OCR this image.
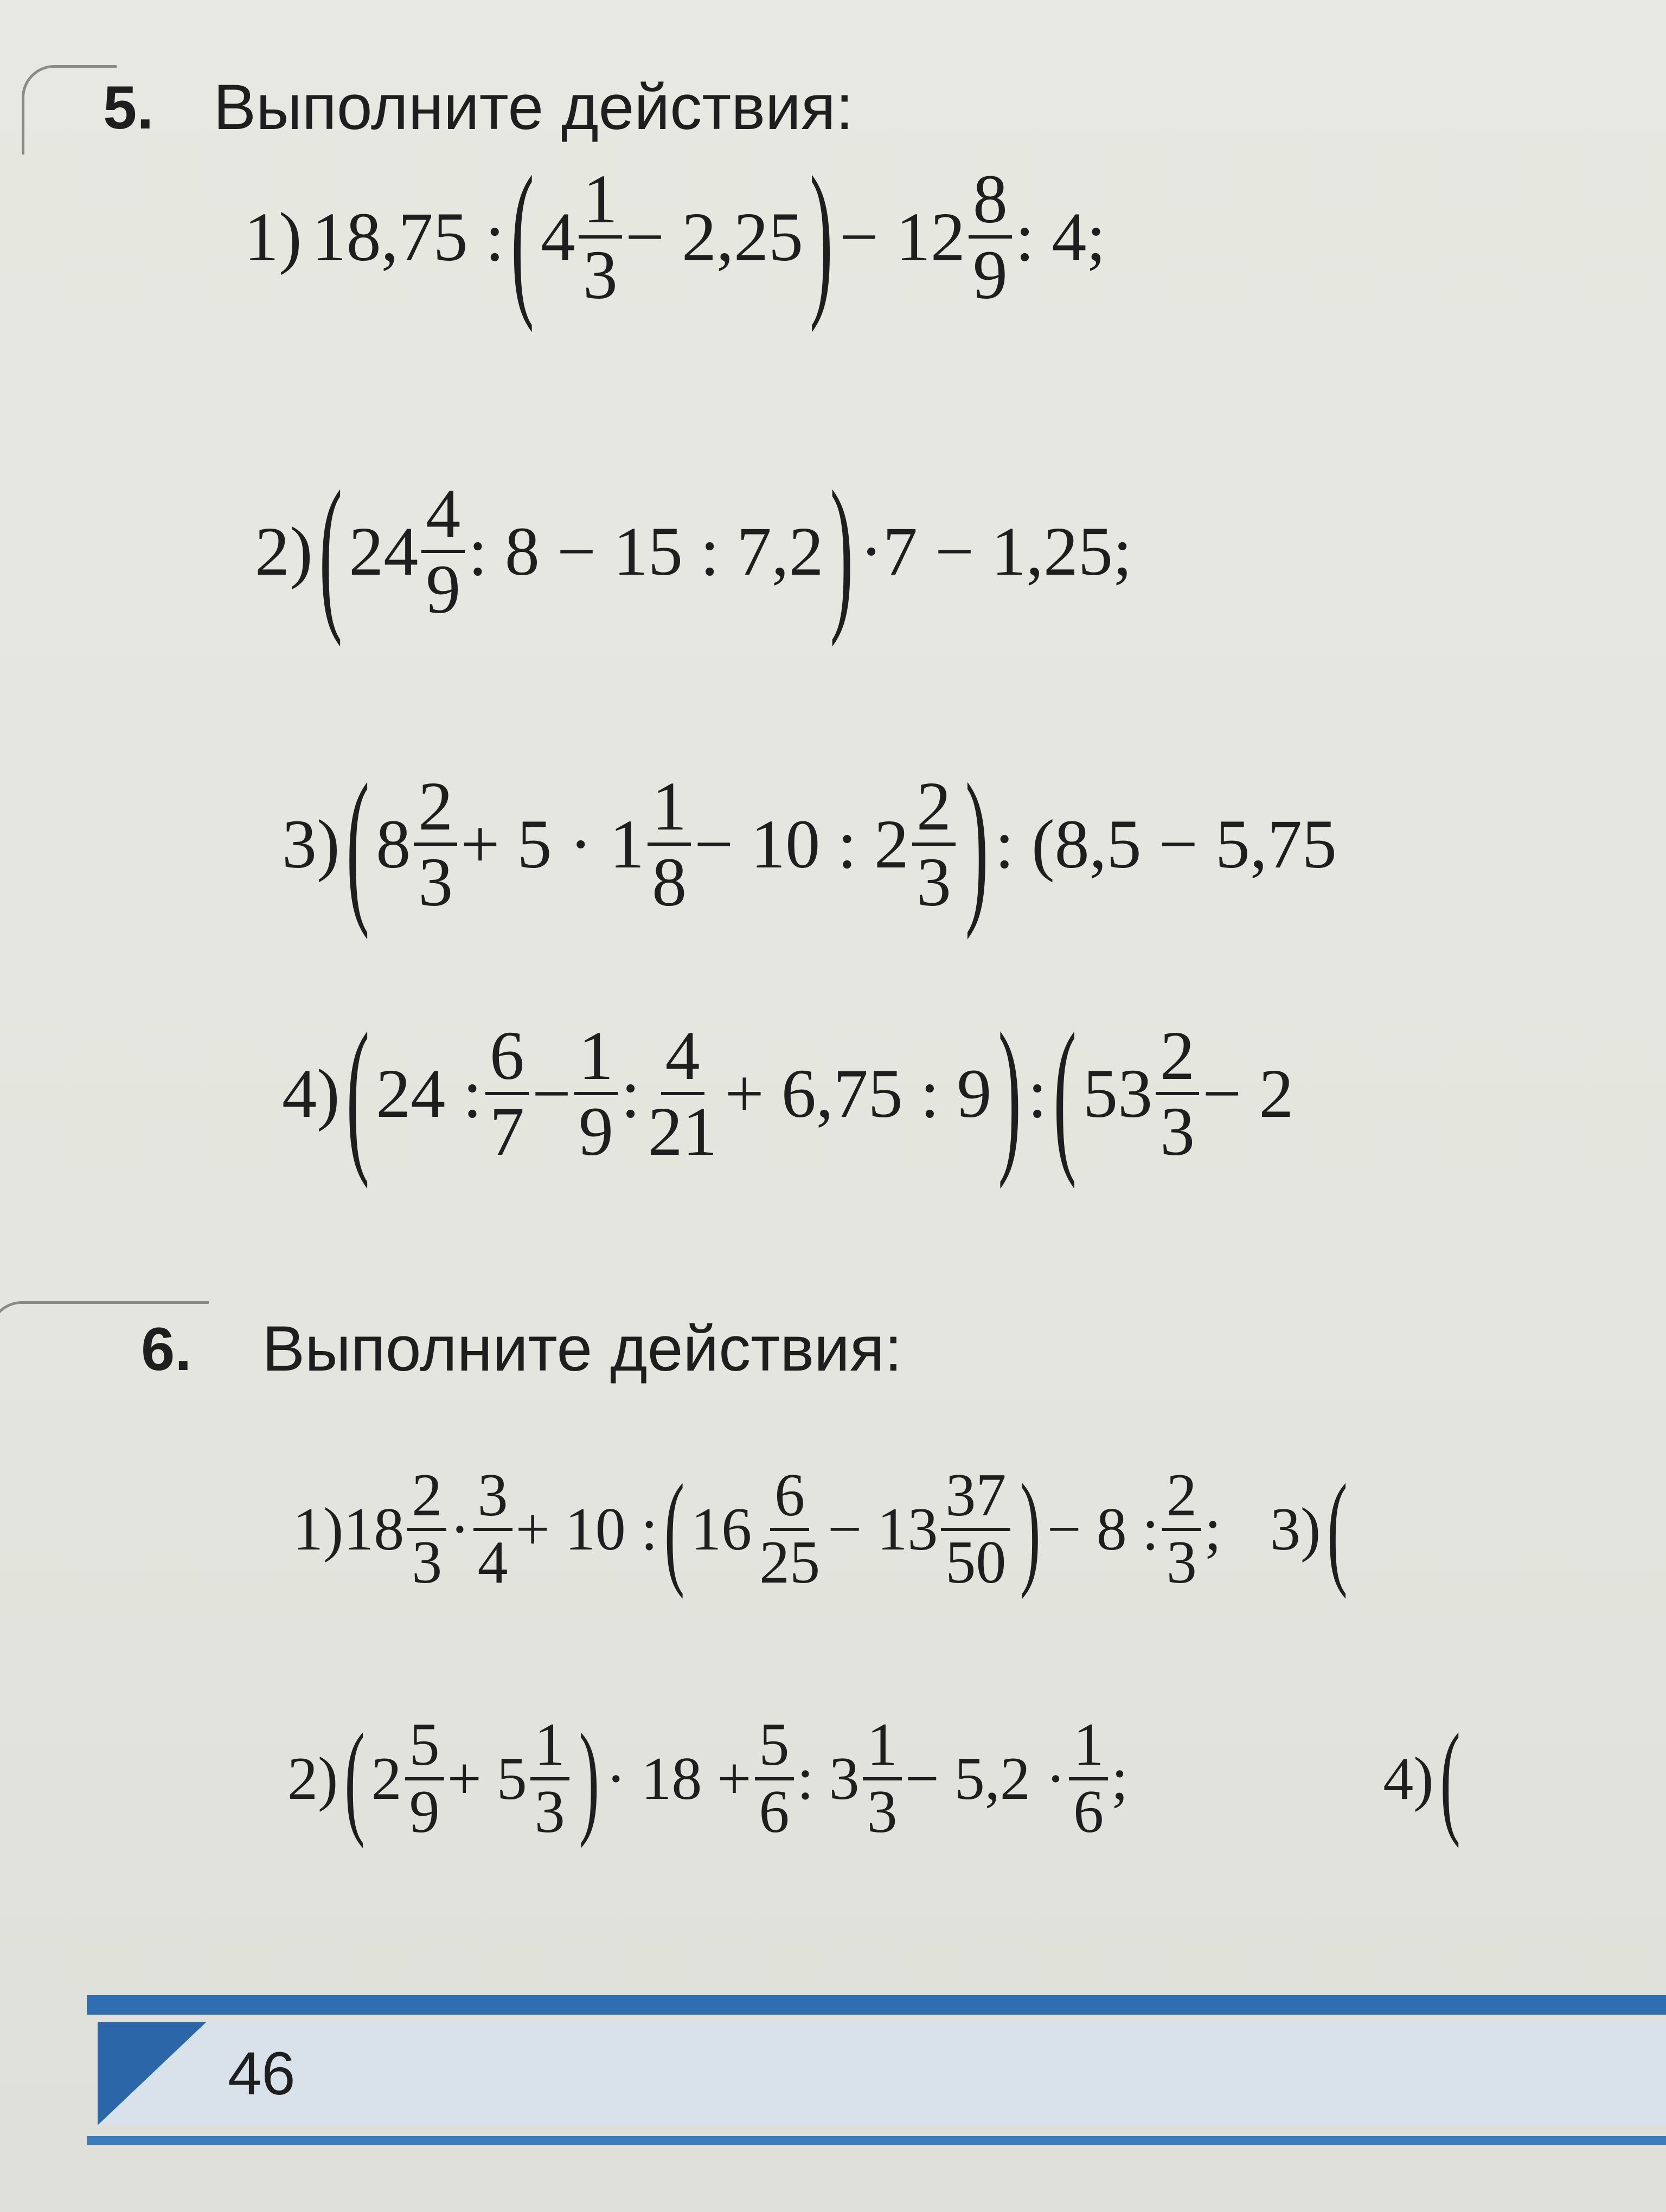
5. Выполните действия:
1) 18,75 : ( $4 \frac{1}{3} - 2,25$ ) − $12 \frac{8}{9}$ : 4;
2) ( $24 \frac{4}{9}$ : 8 − 15 : 7,2 ) ·7 − 1,25;
3) ( $8 \frac{2}{3} + 5 \cdot 1 \frac{1}{8} - 10$ : $2 \frac{2}{3}$ ) : (8,5 − 5,75
4) ( 24 : $\frac{6}{7} - \frac{1}{9}$ : $\frac{4}{21} + 6,75$ : 9 ) : ( $53 \frac{2}{3} - 2$
6. Выполните действия:
1) $18 \frac{2}{3} \cdot \frac{3}{4} + 10$ : ( $16 \frac{6}{25} - 13 \frac{37}{50}$ ) − 8 : $\frac{2}{3}$ ; 3) (
2) ( $2 \frac{5}{9} + 5 \frac{1}{3}$ ) · $18 + \frac{5}{6}$ : $3 \frac{1}{3} - 5,2 \cdot \frac{1}{6}$ ;	4) (
46
